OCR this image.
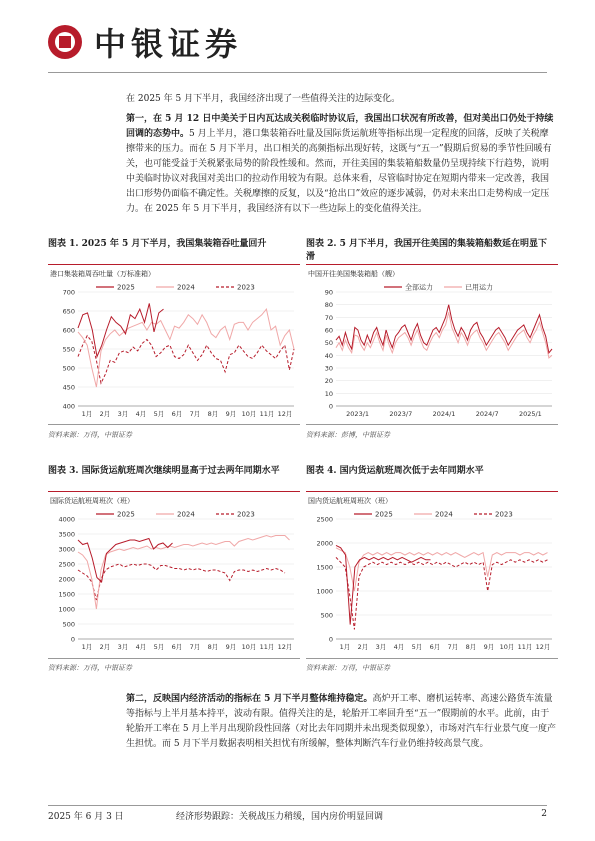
中银证券
在 2025 年 5 月下半月，我国经济出现了一些值得关注的边际变化。
第一，在 5 月 12 日中美关于日内瓦达成关税临时协议后，我国出口状况有所改善，但对美出口仍处于持续回调的态势中。5 月上半月，港口集装箱吞吐量及国际货运航班等指标出现一定程度的回落，反映了关税摩擦带来的压力。而在 5 月下半月，出口相关的高频指标出现好转，这既与“五一”假期后贸易的季节性回暖有关，也可能受益于关税紧张局势的阶段性缓和。然而，开往美国的集装箱船数量仍呈现持续下行趋势，说明中美临时协议对我国对美出口的拉动作用较为有限。总体来看，尽管临时协定在短期内带来一定改善，我国出口形势仍面临不确定性。关税摩擦的反复，以及“抢出口”效应的逐步减弱，仍对未来出口走势构成一定压力。在 2025 年 5 月下半月，我国经济有以下一些边际上的变化值得关注。
图表 1. 2025 年 5 月下半月，我国集装箱吞吐量回升
港口集装箱周吞吐量（万标准箱）
400
450
500
550
600
650
700
1月 2月 3月 4月 5月 6月 7月 8月 9月 10月 11月 12月
2025	2024	2023
资料来源：万得，中银证券
图表 2. 5 月下半月，我国开往美国的集装箱船数延在明显下滑
中国开往美国集装箱船（艘）
0
10
20
30
40
50
60
70
80
90
2023/1	2023/7	2024/1	2024/7	2025/1
全部运力	已用运力
资料来源：彭博，中银证券
图表 3. 国际货运航班周次继续明显高于过去两年同期水平
国际货运航班周班次（班）
0
500
1000
1500
2000
2500
3000
3500
4000
1月 2月 3月 4月 5月 6月 7月 8月 9月 10月 11月 12月
2025	2024	2023
资料来源：万得，中银证券
图表 4. 国内货运航班周次低于去年同期水平
国内货运航班周班次（班）
0
500
1000
1500
2000
2500
1月 2月 3月 4月 5月 6月 7月 8月 9月 10月 11月 12月
2025	2024	2023
资料来源：万得，中银证券
第二，反映国内经济活动的指标在 5 月下半月整体维持稳定。高炉开工率、磨机运转率、高速公路货车流量等指标与上半月基本持平，波动有限。值得关注的是，轮胎开工率回升至“五一”假期前的水平。此前，由于轮胎开工率在 5 月上半月出现阶段性回落（对比去年同期并未出现类似现象），市场对汽车行业景气度一度产生担忧。而 5 月下半月数据表明相关担忧有所缓解，整体判断汽车行业仍维持较高景气度。
2025 年 6 月 3 日	经济形势跟踪：关税战压力稍缓，国内房价明显回调	2
